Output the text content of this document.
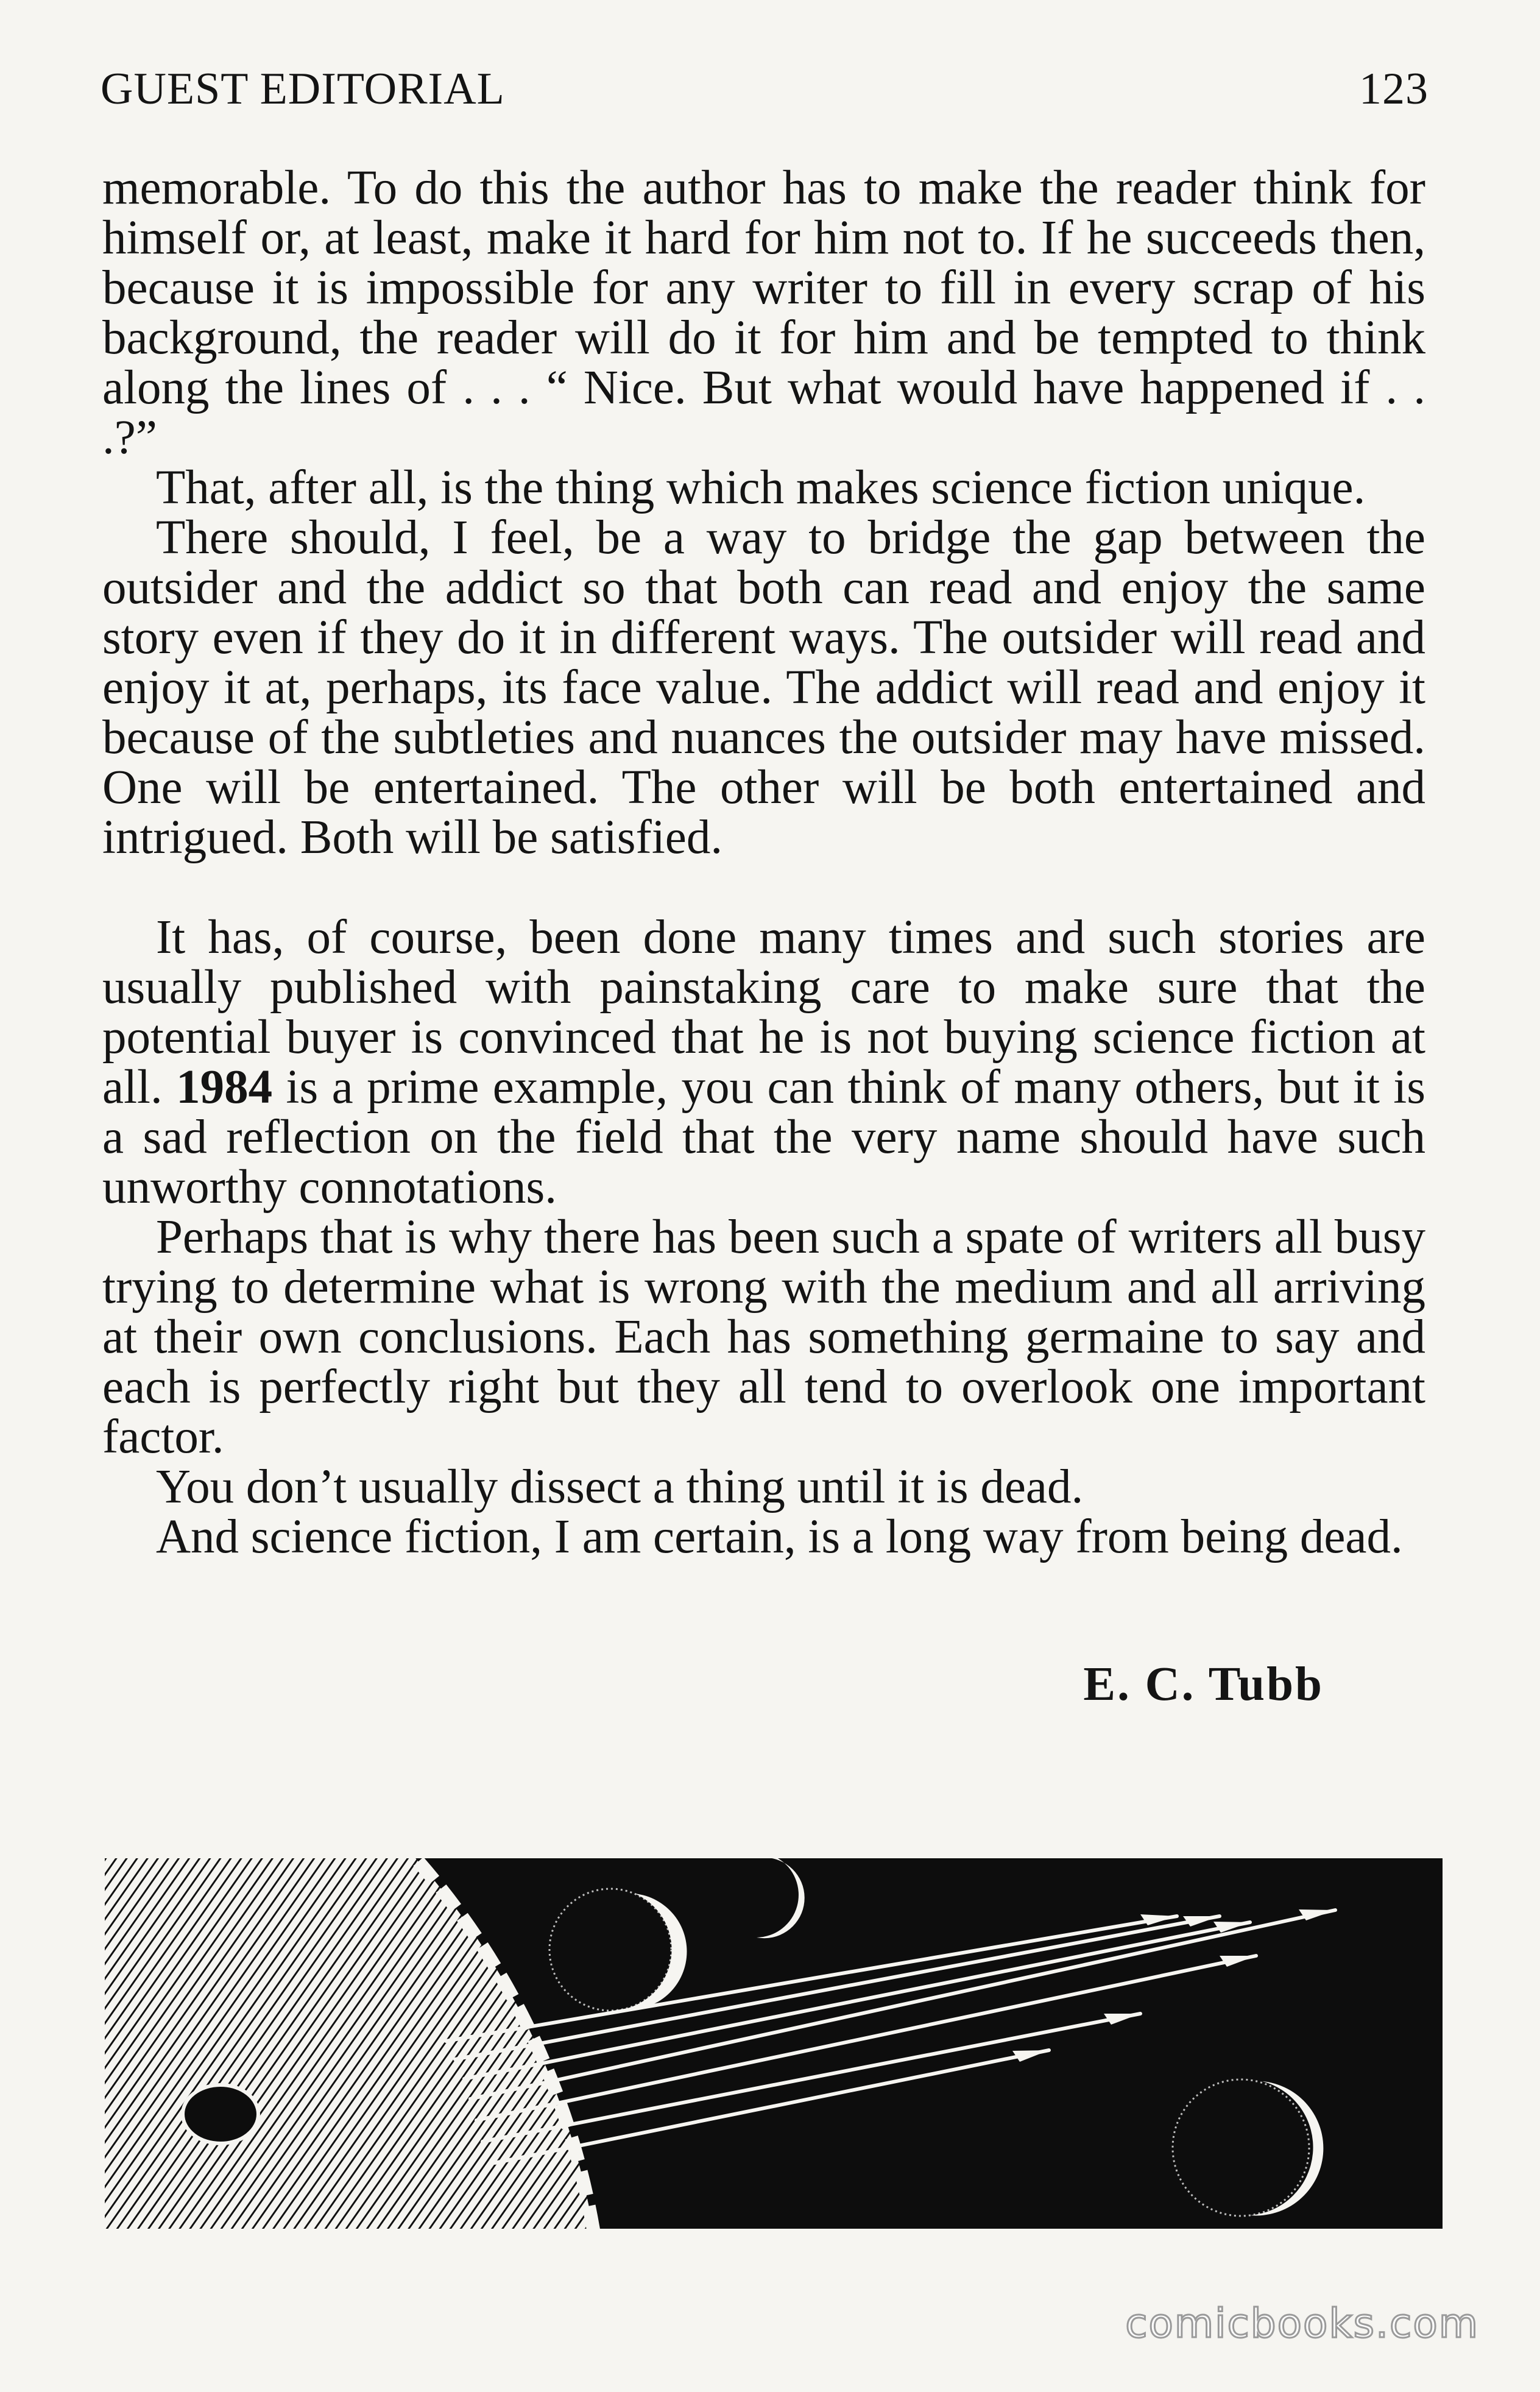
GUEST EDITORIAL	123

memorable. To do this the author has to make the reader think for himself or, at least, make it hard for him not to. If he succeeds then, because it is impossible for any writer to fill in every scrap of his background, the reader will do it for him and be tempted to think along the lines of . . . “ Nice. But what would have happened if . . .?”

That, after all, is the thing which makes science fiction unique.

There should, I feel, be a way to bridge the gap between the outsider and the addict so that both can read and enjoy the same story even if they do it in different ways. The outsider will read and enjoy it at, perhaps, its face value. The addict will read and enjoy it because of the subtleties and nuances the outsider may have missed. One will be entertained. The other will be both entertained and intrigued. Both will be satisfied.

It has, of course, been done many times and such stories are usually published with painstaking care to make sure that the potential buyer is convinced that he is not buying science fiction at all. 1984 is a prime example, you can think of many others, but it is a sad reflection on the field that the very name should have such unworthy connotations.

Perhaps that is why there has been such a spate of writers all busy trying to determine what is wrong with the medium and all arriving at their own conclusions. Each has something germaine to say and each is perfectly right but they all tend to overlook one important factor.

You don’t usually dissect a thing until it is dead.

And science fiction, I am certain, is a long way from being dead.

E. C. Tubb
comicbooks.com
